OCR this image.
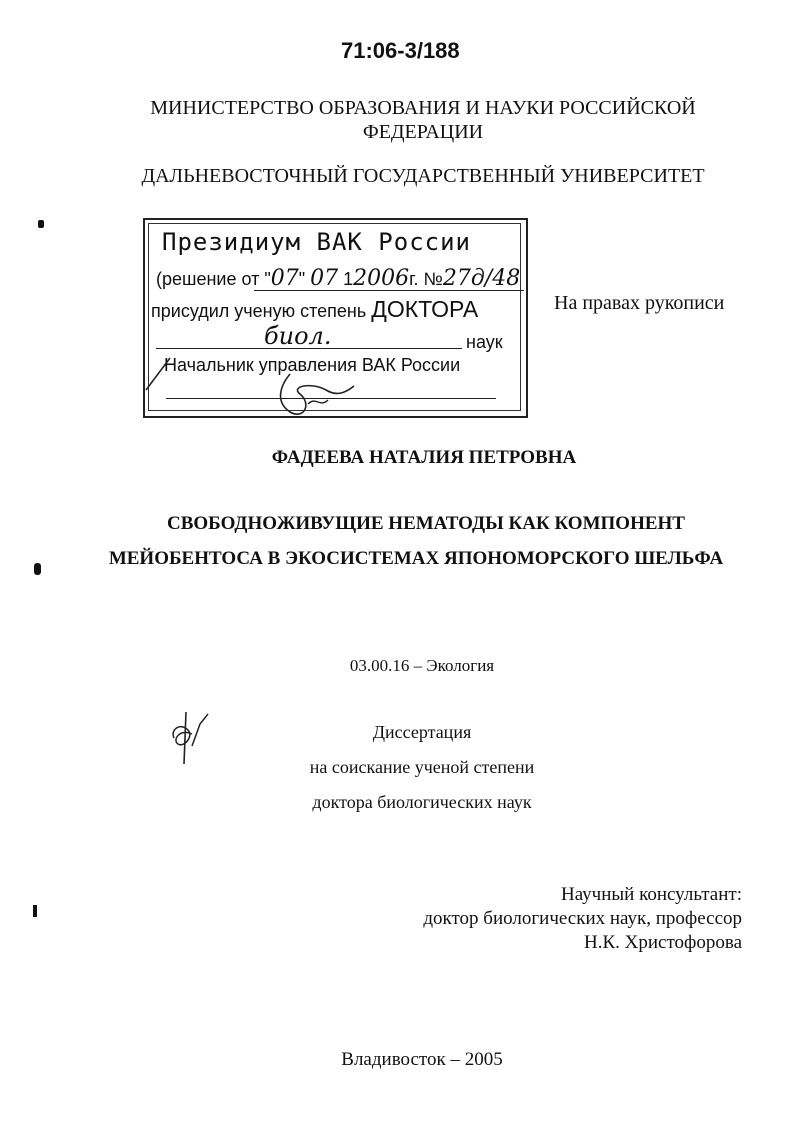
71:06-3/188
МИНИСТЕРСТВО ОБРАЗОВАНИЯ И НАУКИ РОССИЙСКОЙ
ФЕДЕРАЦИИ
ДАЛЬНЕВОСТОЧНЫЙ ГОСУДАРСТВЕННЫЙ УНИВЕРСИТЕТ
Президиум ВАК России
(решение от "07" 07 12006г. №27д/48
присудил ученую степень ДОКТОРА
биол.	наук
Начальник управления ВАК России
На правах рукописи
ФАДЕЕВА НАТАЛИЯ ПЕТРОВНА
СВОБОДНОЖИВУЩИЕ НЕМАТОДЫ КАК КОМПОНЕНТ
МЕЙОБЕНТОСА В ЭКОСИСТЕМАХ ЯПОНОМОРСКОГО ШЕЛЬФА
03.00.16 – Экология
Диссертация
на соискание ученой степени
доктора биологических наук
Научный консультант:
доктор биологических наук, профессор
Н.К. Христофорова
Владивосток – 2005
